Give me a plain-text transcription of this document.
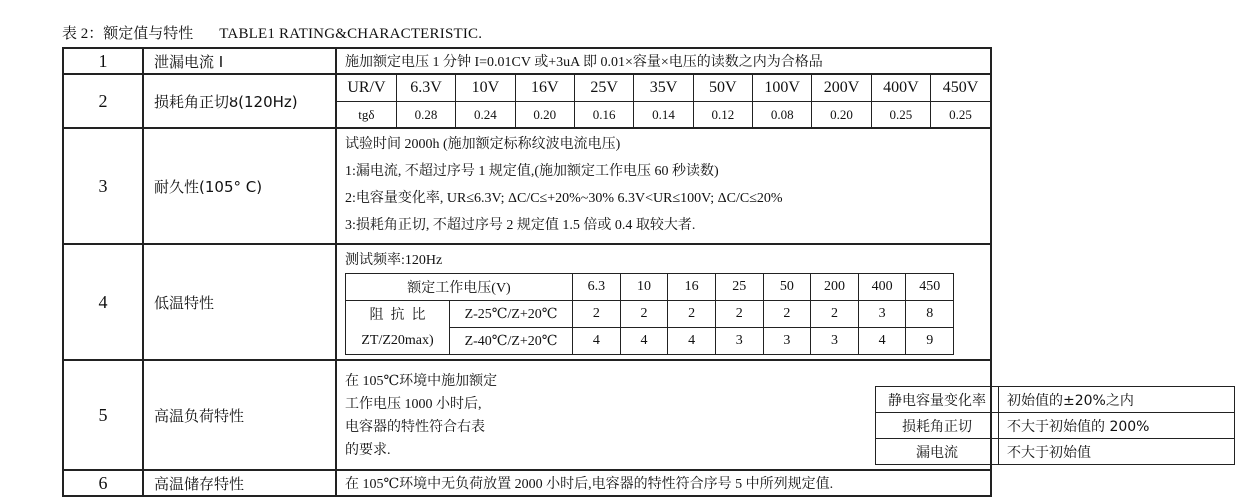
表 2：额定值与特性 TABLE1 RATING&CHARACTERISTIC.
1	泄漏电流 I	施加额定电压 1 分钟 I=0.01CV 或+3uA 即 0.01×容量×电压的读数之内为合格品
2	损耗角正切ȣ(120Hz)	
UR/V	6.3V	10V	16V	25V	35V	50V	100V	200V	400V	450V
tgδ	0.28	0.24	0.20	0.16	0.14	0.12	0.08	0.20	0.25	0.25

3	耐久性(105° C)	
试验时间 2000h (施加额定标称纹波电流电压)
1:漏电流, 不超过序号 1 规定值,(施加额定工作电压 60 秒读数)
2:电容量变化率, UR≤6.3V; ΔC/C≤+20%~30% 6.3V<UR≤100V; ΔC/C≤20%
3:损耗角正切, 不超过序号 2 规定值 1.5 倍或 0.4 取较大者.

4	低温特性	
测试频率:120Hz
额定工作电压(V)	6.3	10	16	25	50	200	400	450
阻  抗  比	Z-25℃/Z+20℃	2	2	2	2	2	2	3	8
ZT/Z20max)	Z-40℃/Z+20℃	4	4	4	3	3	3	4	9

5	高温负荷特性	
在 105℃环境中施加额定
工作电压 1000 小时后,
电容器的特性符合右表
的要求.
静电容量变化率	初始值的±20%之内
损耗角正切	不大于初始值的 200%
漏电流	不大于初始值

6	高温储存特性	在 105℃环境中无负荷放置 2000 小时后,电容器的特性符合序号 5 中所列规定值.
